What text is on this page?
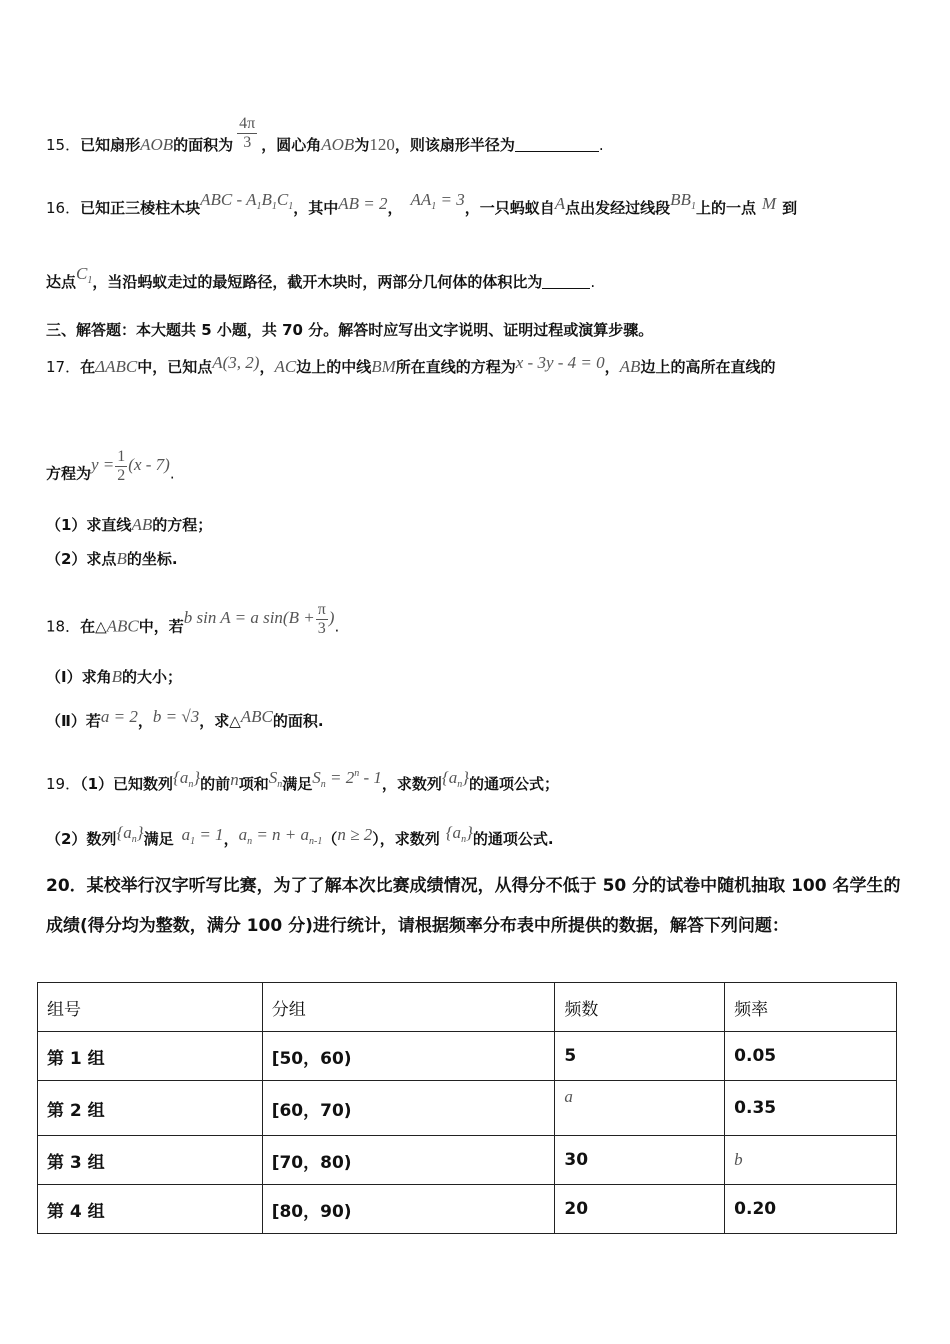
15．已知扇形AOB的面积为 $\frac{4\pi}{3}$ ，圆心角AOB为120，则该扇形半径为	.
16．已知正三棱柱木块ABC - $A_1B_1C_1$，其中AB = 2， $AA_1 = 3$，一只蚂蚁自A点出发经过线段$BB_1$上的一点 M 到
达点$C_1$，当沿蚂蚁走过的最短路径，截开木块时，两部分几何体的体积比为	.
三、解答题：本大题共 5 小题，共 70 分。解答时应写出文字说明、证明过程或演算步骤。
17．在ΔABC中，已知点A(3, 2)，AC边上的中线BM所在直线的方程为x - 3y - 4 = 0，AB边上的高所在直线的
方程为$y = \frac{1}{2} (x - 7)$.
（1）求直线AB的方程；
（2）求点B的坐标.
18．在△ABC中，若b sin A = a $\sin(B + \frac{\pi}{3}$ ).
（Ⅰ）求角B的大小；
（Ⅱ）若a = 2，b = √3，求△ABC的面积.
19．（1）已知数列$\{a_n\}$的前n项和$S_n$满足$S_n = 2^n - 1$，求数列$\{a_n\}$的通项公式；
（2）数列$\{a_n\}$满足 $a_1 = 1$，$a_n = n + a_{n-1}(n \ge 2)$，求数列 $\{a_n\}$的通项公式.
20．某校举行汉字听写比赛，为了了解本次比赛成绩情况，从得分不低于 50 分的试卷中随机抽取 100 名学生的成绩(得分均为整数，满分 100 分)进行统计，请根据频率分布表中所提供的数据，解答下列问题：
组号	分组	频数	频率
第 1 组	[50，60)	5	0.05
第 2 组	[60，70)	a	0.35
第 3 组	[70，80)	30	b
第 4 组	[80，90)	20	0.20
